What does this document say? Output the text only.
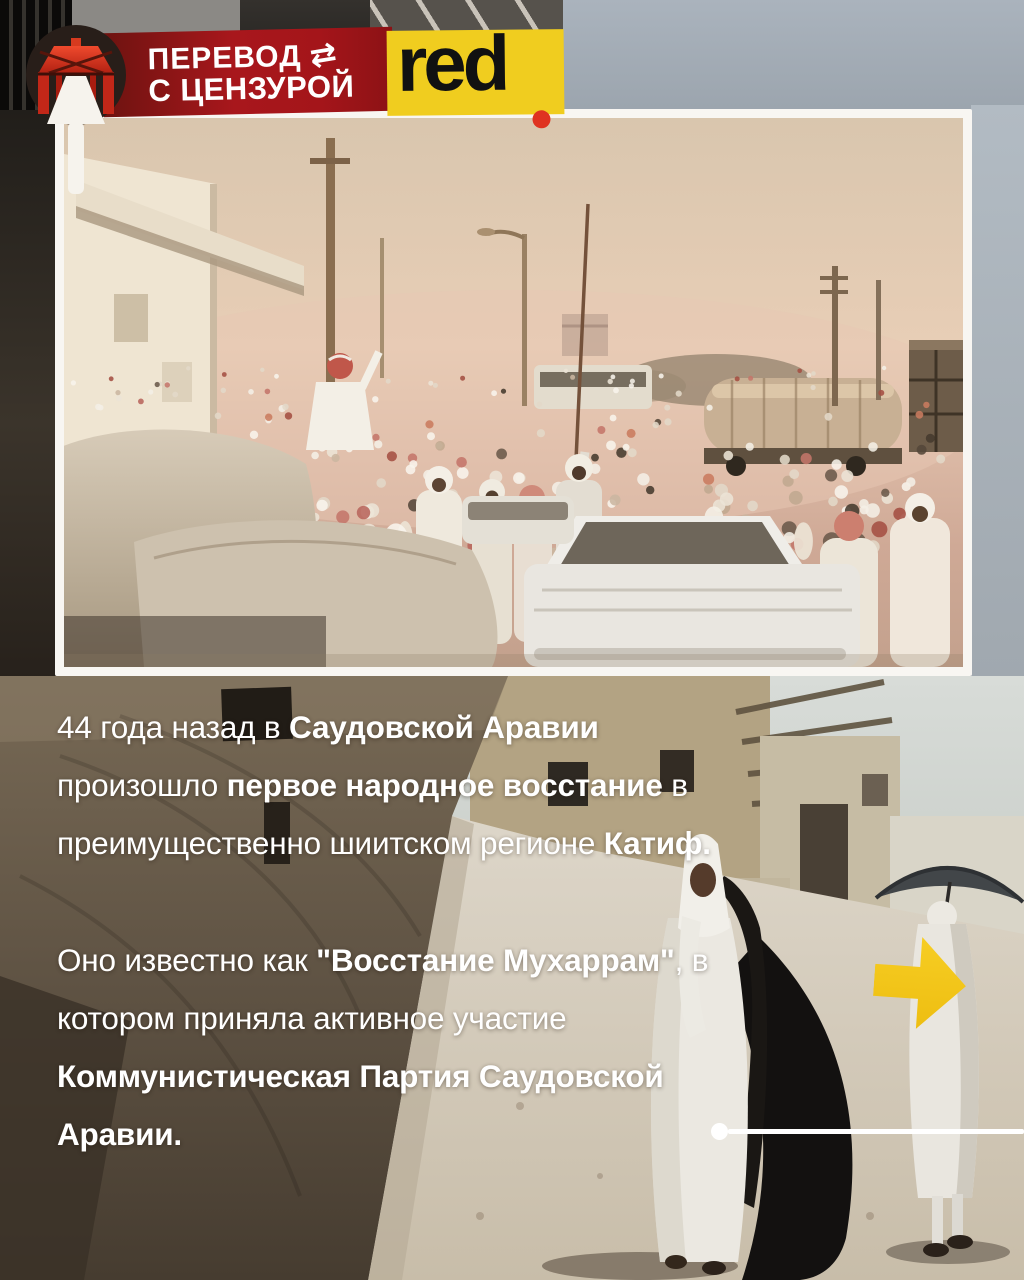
ПЕРЕВОД ⇄
С ЦЕНЗУРОЙ red
44 года назад в Саудовской Аравии
произошло первое народное восстание в
преимущественно шиитском регионе Катиф.
Оно известно как "Восстание Мухаррам", в
котором приняла активное участие
Коммунистическая Партия Саудовской
Аравии.
